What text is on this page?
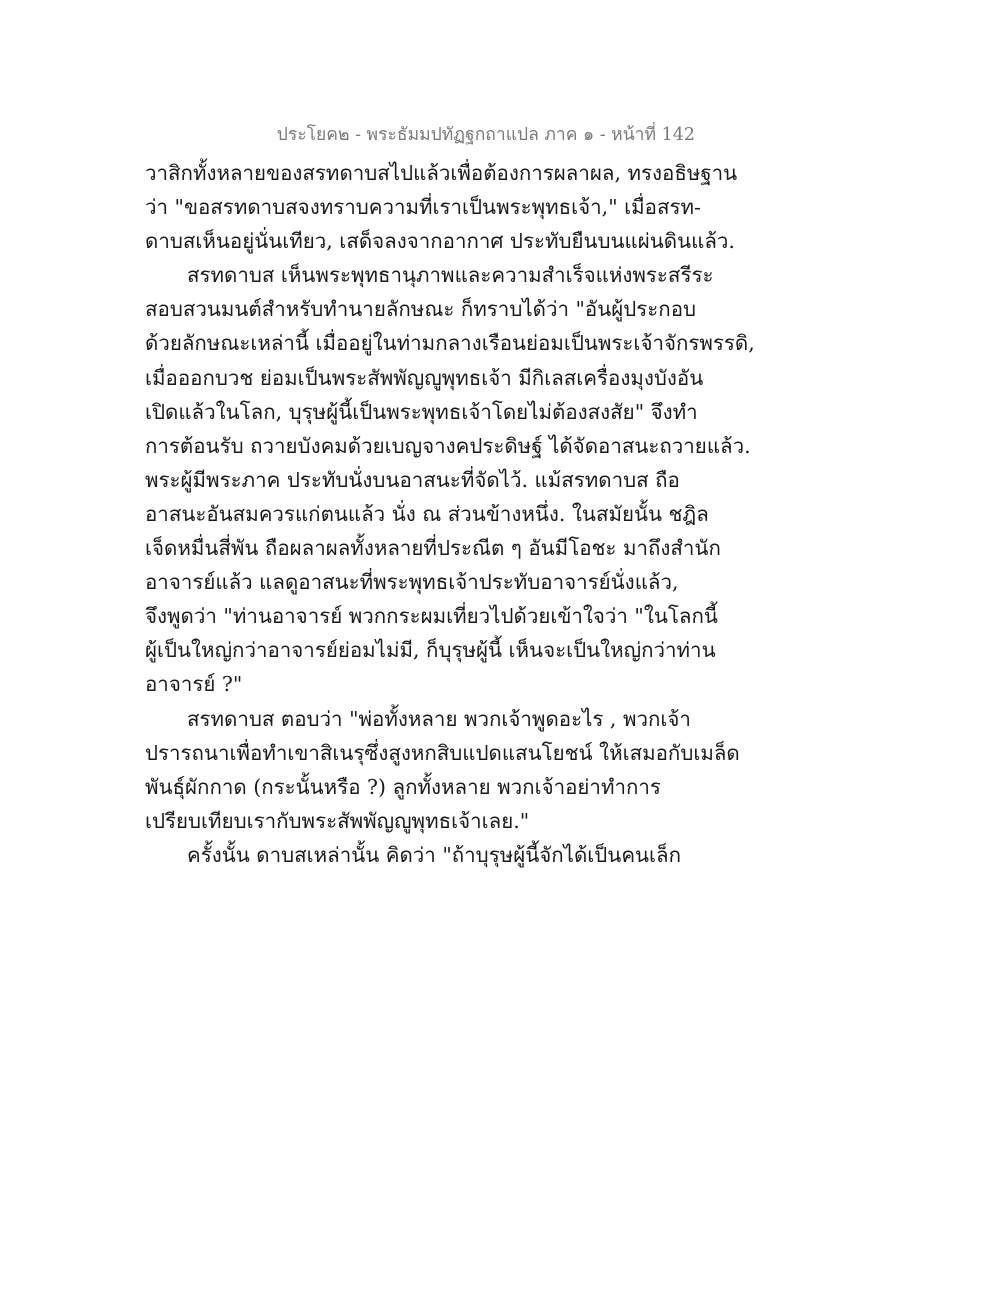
ประโยค๒ - พระธัมมปทัฏฐกถาแปล ภาค ๑ - หน้าที่ 142
วาสิกทั้งหลายของสรทดาบสไปแล้วเพื่อต้องการผลาผล, ทรงอธิษฐาน
ว่า "ขอสรทดาบสจงทราบความที่เราเป็นพระพุทธเจ้า," เมื่อสรท-
ดาบสเห็นอยู่นั่นเทียว, เสด็จลงจากอากาศ ประทับยืนบนแผ่นดินแล้ว.
สรทดาบส เห็นพระพุทธานุภาพและความสำเร็จแห่งพระสรีระ
สอบสวนมนต์สำหรับทำนายลักษณะ ก็ทราบได้ว่า "อันผู้ประกอบ
ด้วยลักษณะเหล่านี้ เมื่ออยู่ในท่ามกลางเรือนย่อมเป็นพระเจ้าจักรพรรดิ,
เมื่อออกบวช ย่อมเป็นพระสัพพัญญูพุทธเจ้า มีกิเลสเครื่องมุงบังอัน
เปิดแล้วในโลก, บุรุษผู้นี้เป็นพระพุทธเจ้าโดยไม่ต้องสงสัย" จึงทำ
การต้อนรับ ถวายบังคมด้วยเบญจางคประดิษฐ์ ได้จัดอาสนะถวายแล้ว.
พระผู้มีพระภาค ประทับนั่งบนอาสนะที่จัดไว้. แม้สรทดาบส ถือ
อาสนะอันสมควรแก่ตนแล้ว นั่ง ณ ส่วนข้างหนึ่ง. ในสมัยนั้น ชฎิล
เจ็ดหมื่นสี่พัน ถือผลาผลทั้งหลายที่ประณีต ๆ อันมีโอชะ มาถึงสำนัก
อาจารย์แล้ว แลดูอาสนะที่พระพุทธเจ้าประทับอาจารย์นั่งแล้ว,
จึงพูดว่า "ท่านอาจารย์ พวกกระผมเที่ยวไปด้วยเข้าใจว่า "ในโลกนี้
ผู้เป็นใหญ่กว่าอาจารย์ย่อมไม่มี, ก็บุรุษผู้นี้ เห็นจะเป็นใหญ่กว่าท่าน
อาจารย์ ?"
สรทดาบส ตอบว่า "พ่อทั้งหลาย พวกเจ้าพูดอะไร , พวกเจ้า
ปรารถนาเพื่อทำเขาสิเนรุซึ่งสูงหกสิบแปดแสนโยชน์ ให้เสมอกับเมล็ด
พันธุ์ผักกาด (กระนั้นหรือ ?) ลูกทั้งหลาย พวกเจ้าอย่าทำการ
เปรียบเทียบเรากับพระสัพพัญญูพุทธเจ้าเลย."
ครั้งนั้น ดาบสเหล่านั้น คิดว่า "ถ้าบุรุษผู้นี้จักได้เป็นคนเล็ก
